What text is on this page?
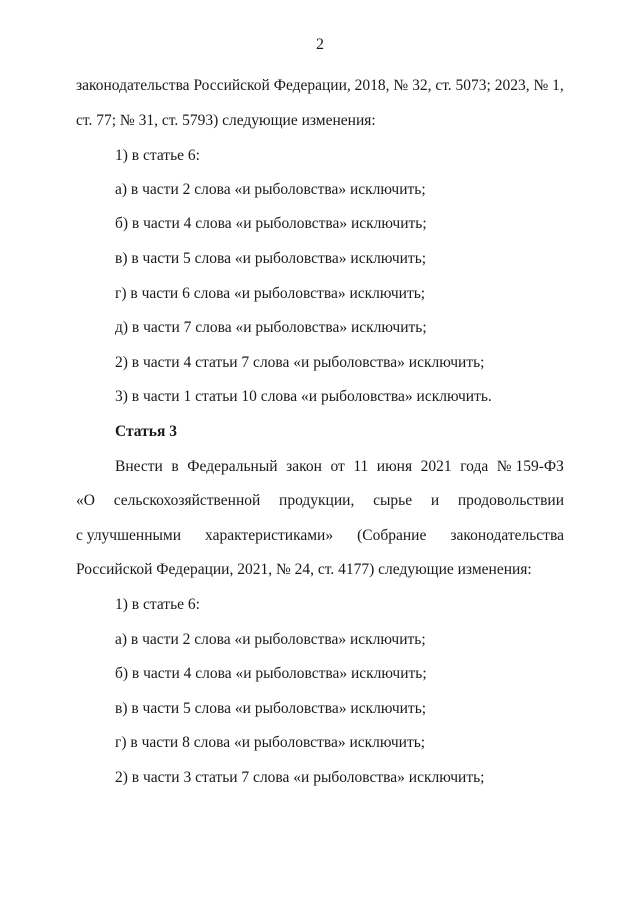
2
законодательства Российской Федерации, 2018, № 32, ст. 5073; 2023, № 1,
ст. 77; № 31, ст. 5793) следующие изменения:
1) в статье 6:
а) в части 2 слова «и рыболовства» исключить;
б) в части 4 слова «и рыболовства» исключить;
в) в части 5 слова «и рыболовства» исключить;
г) в части 6 слова «и рыболовства» исключить;
д) в части 7 слова «и рыболовства» исключить;
2) в части 4 статьи 7 слова «и рыболовства» исключить;
3) в части 1 статьи 10 слова «и рыболовства» исключить.
Статья 3
Внести в Федеральный закон от 11 июня 2021 года № 159-ФЗ
«О сельскохозяйственной продукции, сырье и продовольствии
с улучшенными характеристиками» (Собрание законодательства
Российской Федерации, 2021, № 24, ст. 4177) следующие изменения:
1) в статье 6:
а) в части 2 слова «и рыболовства» исключить;
б) в части 4 слова «и рыболовства» исключить;
в) в части 5 слова «и рыболовства» исключить;
г) в части 8 слова «и рыболовства» исключить;
2) в части 3 статьи 7 слова «и рыболовства» исключить;
